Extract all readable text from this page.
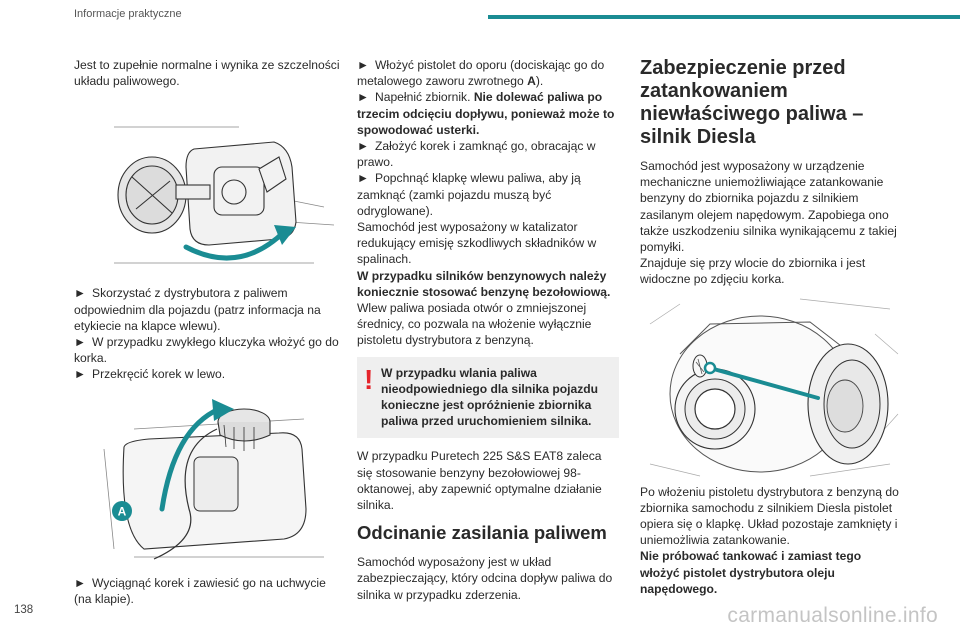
Informacje praktyczne

Jest to zupełnie normalne i wynika ze szczelności układu paliwowego.

► Skorzystać z dystrybutora z paliwem odpowiednim dla pojazdu (patrz informacja na etykiecie na klapce wlewu).

► W przypadku zwykłego kluczyka włożyć go do korka.

► Przekręcić korek w lewo.

A

► Wyciągnąć korek i zawiesić go na uchwycie (na klapie).

► Włożyć pistolet do oporu (dociskając go do metalowego zaworu zwrotnego A).

► Napełnić zbiornik. Nie dolewać paliwa po trzecim odcięciu dopływu, ponieważ może to spowodować usterki.

► Założyć korek i zamknąć go, obracając w prawo.

► Popchnąć klapkę wlewu paliwa, aby ją zamknąć (zamki pojazdu muszą być odryglowane).

Samochód jest wyposażony w katalizator redukujący emisję szkodliwych składników w spalinach.

W przypadku silników benzynowych należy koniecznie stosować benzynę bezołowiową.

Wlew paliwa posiada otwór o zmniejszonej średnicy, co pozwala na włożenie wyłącznie pistoletu dystrybutora z benzyną.

! W przypadku wlania paliwa nieodpowiedniego dla silnika pojazdu konieczne jest opróżnienie zbiornika paliwa przed uruchomieniem silnika.

W przypadku Puretech 225 S&S EAT8 zaleca się stosowanie benzyny bezołowiowej 98-oktanowej, aby zapewnić optymalne działanie silnika.

Odcinanie zasilania paliwem

Samochód wyposażony jest w układ zabezpieczający, który odcina dopływ paliwa do silnika w przypadku zderzenia.

Zabezpieczenie przed zatankowaniem niewłaściwego paliwa – silnik Diesla

Samochód jest wyposażony w urządzenie mechaniczne uniemożliwiające zatankowanie benzyny do zbiornika pojazdu z silnikiem zasilanym olejem napędowym. Zapobiega ono także uszkodzeniu silnika wynikającemu z takiej pomyłki.

Znajduje się przy wlocie do zbiornika i jest widoczne po zdjęciu korka.

Po włożeniu pistoletu dystrybutora z benzyną do zbiornika samochodu z silnikiem Diesla pistolet opiera się o klapkę. Układ pozostaje zamknięty i uniemożliwia zatankowanie.

Nie próbować tankować i zamiast tego włożyć pistolet dystrybutora oleju napędowego.

138	carmanualsonline.info
